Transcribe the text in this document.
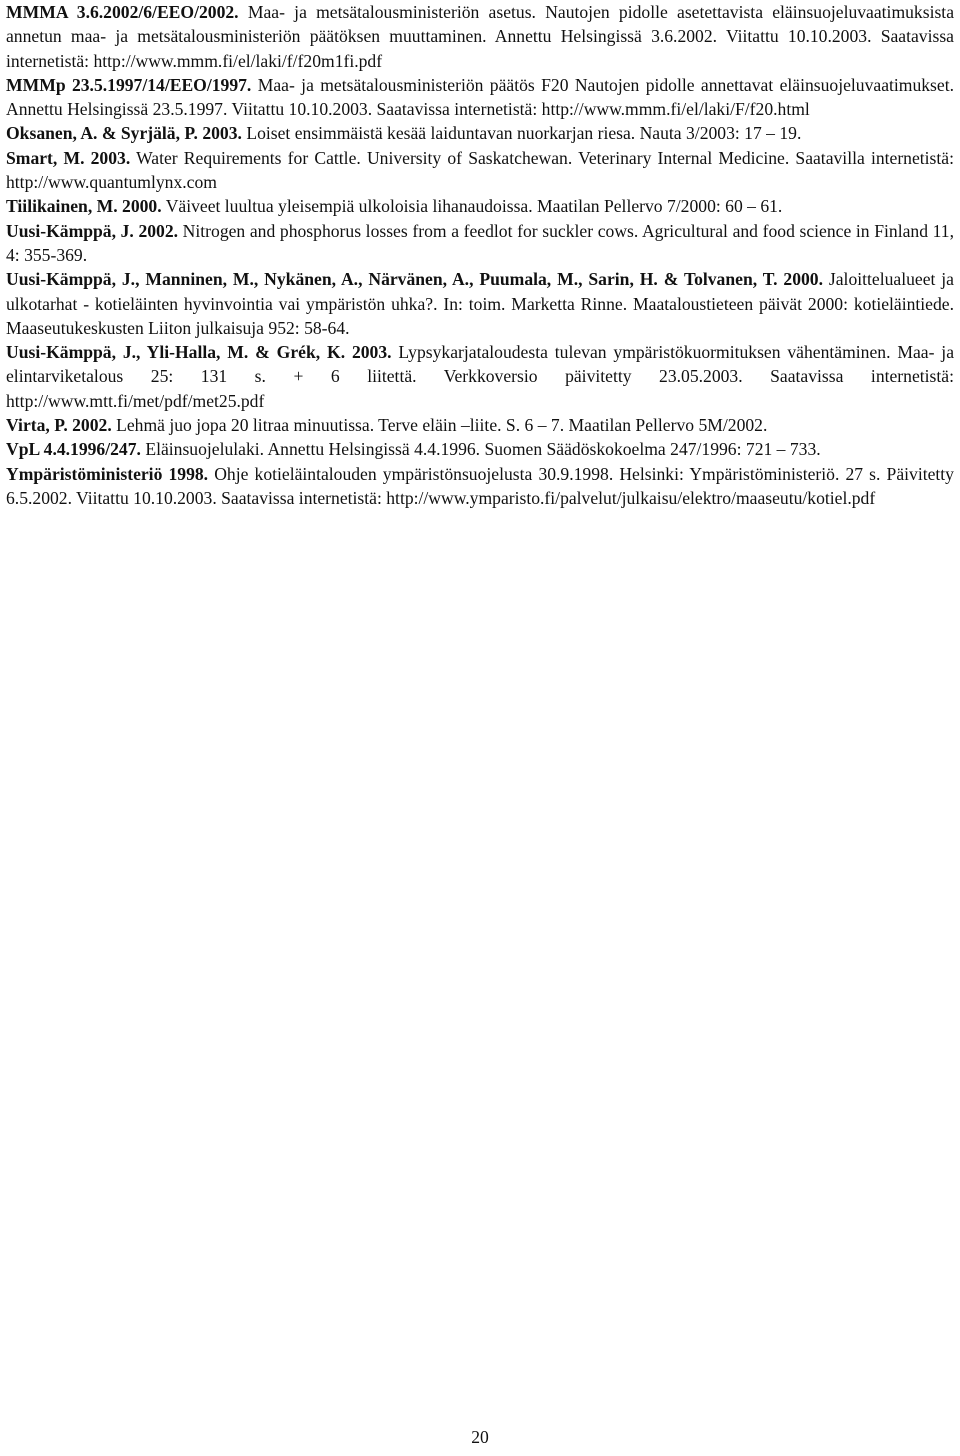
MMMA 3.6.2002/6/EEO/2002. Maa- ja metsätalousministeriön asetus. Nautojen pidolle asetettavista eläinsuojeluvaatimuksista annetun maa- ja metsätalousministeriön päätöksen muuttaminen. Annettu Helsingissä 3.6.2002. Viitattu 10.10.2003. Saatavissa internetistä: http://www.mmm.fi/el/laki/f/f20m1fi.pdf

MMMp 23.5.1997/14/EEO/1997. Maa- ja metsätalousministeriön päätös F20 Nautojen pidolle annettavat eläinsuojeluvaatimukset. Annettu Helsingissä 23.5.1997. Viitattu 10.10.2003. Saatavissa internetistä: http://www.mmm.fi/el/laki/F/f20.html

Oksanen, A. & Syrjälä, P. 2003. Loiset ensimmäistä kesää laiduntavan nuorkarjan riesa. Nauta 3/2003: 17 – 19.

Smart, M. 2003. Water Requirements for Cattle. University of Saskatchewan. Veterinary Internal Medicine. Saatavilla internetistä: http://www.quantumlynx.com

Tiilikainen, M. 2000. Väiveet luultua yleisempiä ulkoloisia lihanaudoissa. Maatilan Pellervo 7/2000: 60 – 61.

Uusi-Kämppä, J. 2002. Nitrogen and phosphorus losses from a feedlot for suckler cows. Agricultural and food science in Finland 11, 4: 355-369.

Uusi-Kämppä, J., Manninen, M., Nykänen, A., Närvänen, A., Puumala, M., Sarin, H. & Tolvanen, T. 2000. Jaloittelualueet ja ulkotarhat - kotieläinten hyvinvointia vai ympäristön uhka?. In: toim. Marketta Rinne. Maataloustieteen päivät 2000: kotieläintiede. Maaseutukeskusten Liiton julkaisuja 952: 58-64.

Uusi-Kämppä, J., Yli-Halla, M. & Grék, K. 2003. Lypsykarjataloudesta tulevan ympäristökuormituksen vähentäminen. Maa- ja elintarviketalous 25: 131 s. + 6 liitettä. Verkkoversio päivitetty 23.05.2003. Saatavissa internetistä: http://www.mtt.fi/met/pdf/met25.pdf

Virta, P. 2002. Lehmä juo jopa 20 litraa minuutissa. Terve eläin –liite. S. 6 – 7. Maatilan Pellervo 5M/2002.

VpL 4.4.1996/247. Eläinsuojelulaki. Annettu Helsingissä 4.4.1996. Suomen Säädöskokoelma 247/1996: 721 – 733.

Ympäristöministeriö 1998. Ohje kotieläintalouden ympäristönsuojelusta 30.9.1998. Helsinki: Ympäristöministeriö. 27 s. Päivitetty 6.5.2002. Viitattu 10.10.2003. Saatavissa internetistä: http://www.ymparisto.fi/palvelut/julkaisu/elektro/maaseutu/kotiel.pdf

20
